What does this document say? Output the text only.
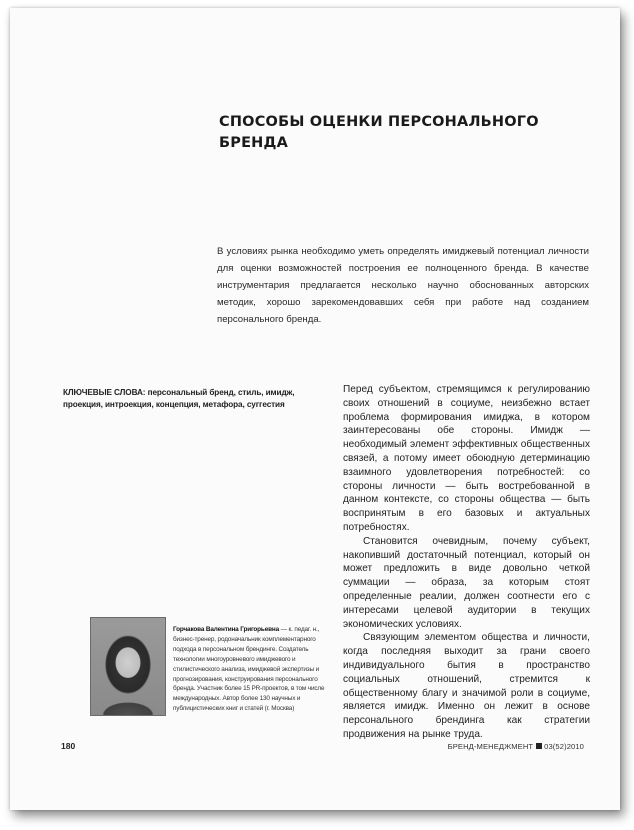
СПОСОБЫ ОЦЕНКИ ПЕРСОНАЛЬНОГО
БРЕНДА

В условиях рынка необходимо уметь определять имиджевый потенциал личности для оценки возможностей построения ее полноценного бренда. В качестве инструментария предлагается несколько научно обоснованных авторских методик, хорошо зарекомендовавших себя при работе над созданием персонального бренда.

КЛЮЧЕВЫЕ СЛОВА: персональный бренд, стиль, имидж, проекция, интроекция, концепция, метафора, суггестия

Перед субъектом, стремящимся к регулированию своих отношений в социуме, неизбежно встает проблема формирования имиджа, в котором заинтересованы обе стороны. Имидж — необходимый элемент эффективных общественных связей, а потому имеет обоюдную детерминацию взаимного удовлетворения потребностей: со стороны личности — быть востребованной в данном контексте, со стороны общества — быть воспринятым в его базовых и актуальных потребностях.

Становится очевидным, почему субъект, накопивший достаточный потенциал, который он может предложить в виде довольно четкой суммации — образа, за которым стоят определенные реалии, должен соотнести его с интересами целевой аудитории в текущих экономических условиях.

Связующим элементом общества и личности, когда последняя выходит за грани своего индивидуального бытия в пространство социальных отношений, стремится к общественному благу и значимой роли в социуме, является имидж. Именно он лежит в основе персонального брендинга как стратегии продвижения на рынке труда.

Горчакова Валентина Григорьевна — к. педаг. н., бизнес-тренер, родоначальник комплементарного подхода в персональном брендинге. Создатель технологии многоуровневого имиджевого и стилистического анализа, имиджевой экспертизы и прогнозирования, конструирования персонального бренда. Участник более 15 PR-проектов, в том числе международных. Автор более 130 научных и публицистических книг и статей (г. Москва)
180	БРЕНД-МЕНЕДЖМЕНТ 03(52)2010
